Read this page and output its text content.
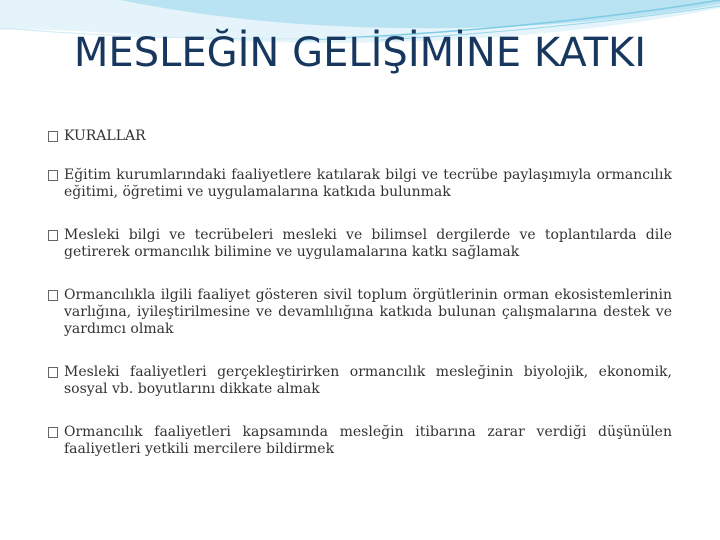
MESLEĞİN GELİŞİMİNE KATKI
KURALLAR
Eğitim kurumlarındaki faaliyetlere katılarak bilgi ve tecrübe paylaşımıyla ormancılık eğitimi, öğretimi ve uygulamalarına katkıda bulunmak
Mesleki bilgi ve tecrübeleri mesleki ve bilimsel dergilerde ve toplantılarda dile getirerek ormancılık bilimine ve uygulamalarına katkı sağlamak
Ormancılıkla ilgili faaliyet gösteren sivil toplum örgütlerinin orman ekosistemlerinin varlığına, iyileştirilmesine ve devamlılığına katkıda bulunan çalışmalarına destek ve yardımcı olmak
Mesleki faaliyetleri gerçekleştirirken ormancılık mesleğinin biyolojik, ekonomik, sosyal vb. boyutlarını dikkate almak
Ormancılık faaliyetleri kapsamında mesleğin itibarına zarar verdiği düşünülen faaliyetleri yetkili mercilere bildirmek
